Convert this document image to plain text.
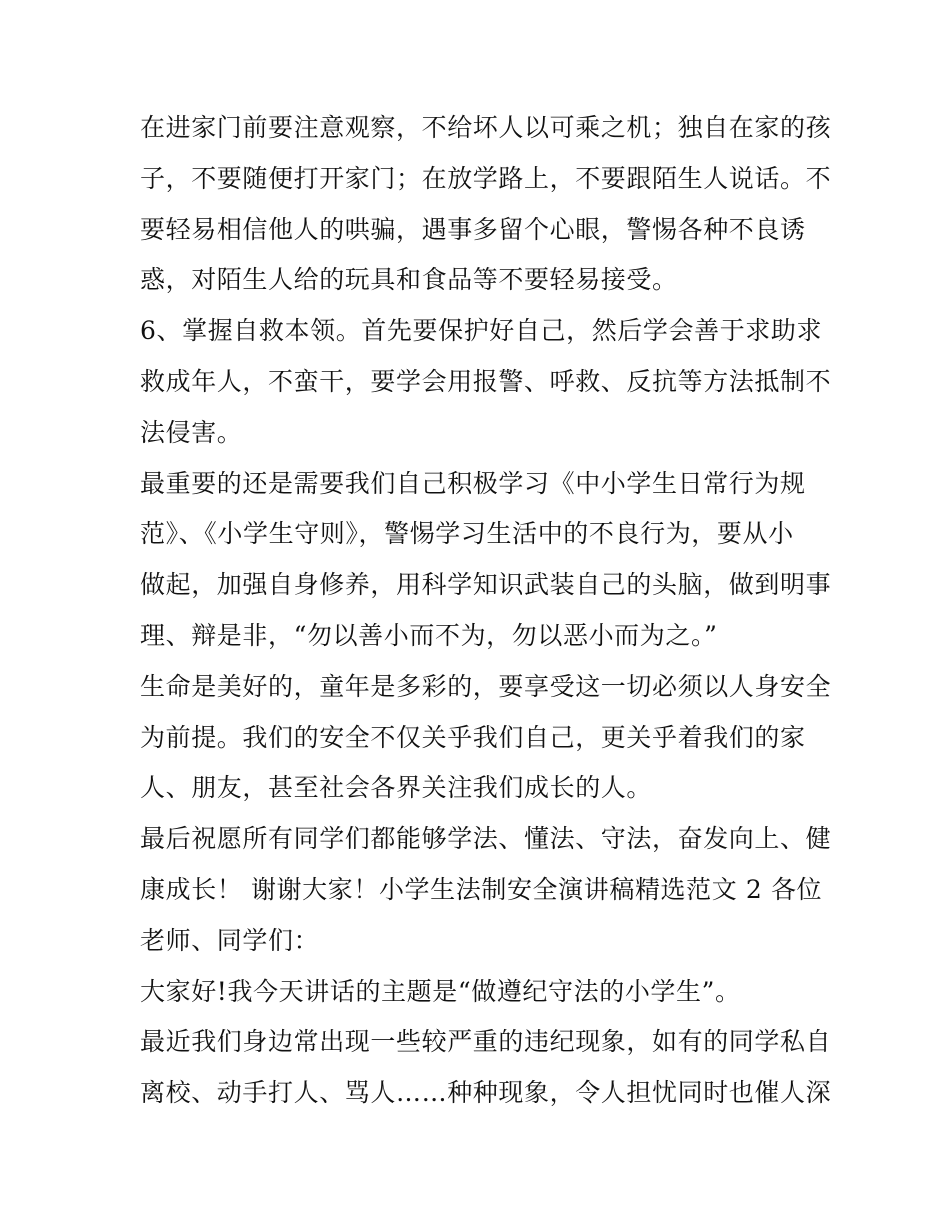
在进家门前要注意观察，不给坏人以可乘之机；独自在家的孩
子，不要随便打开家门；在放学路上，不要跟陌生人说话。不
要轻易相信他人的哄骗，遇事多留个心眼，警惕各种不良诱
惑，对陌生人给的玩具和食品等不要轻易接受。
6、掌握自救本领。首先要保护好自己，然后学会善于求助求
救成年人，不蛮干，要学会用报警、呼救、反抗等方法抵制不
法侵害。
最重要的还是需要我们自己积极学习《中小学生日常行为规
范》、《小学生守则》，警惕学习生活中的不良行为，要从小
做起，加强自身修养，用科学知识武装自己的头脑，做到明事
理、辩是非，“勿以善小而不为，勿以恶小而为之。”
生命是美好的，童年是多彩的，要享受这一切必须以人身安全
为前提。我们的安全不仅关乎我们自己，更关乎着我们的家
人、朋友，甚至社会各界关注我们成长的人。
最后祝愿所有同学们都能够学法、懂法、守法，奋发向上、健
康成长！ 谢谢大家！小学生法制安全演讲稿精选范文 2 各位
老师、同学们：
大家好!我今天讲话的主题是“做遵纪守法的小学生”。
最近我们身边常出现一些较严重的违纪现象，如有的同学私自
离校、动手打人、骂人……种种现象，令人担忧同时也催人深
